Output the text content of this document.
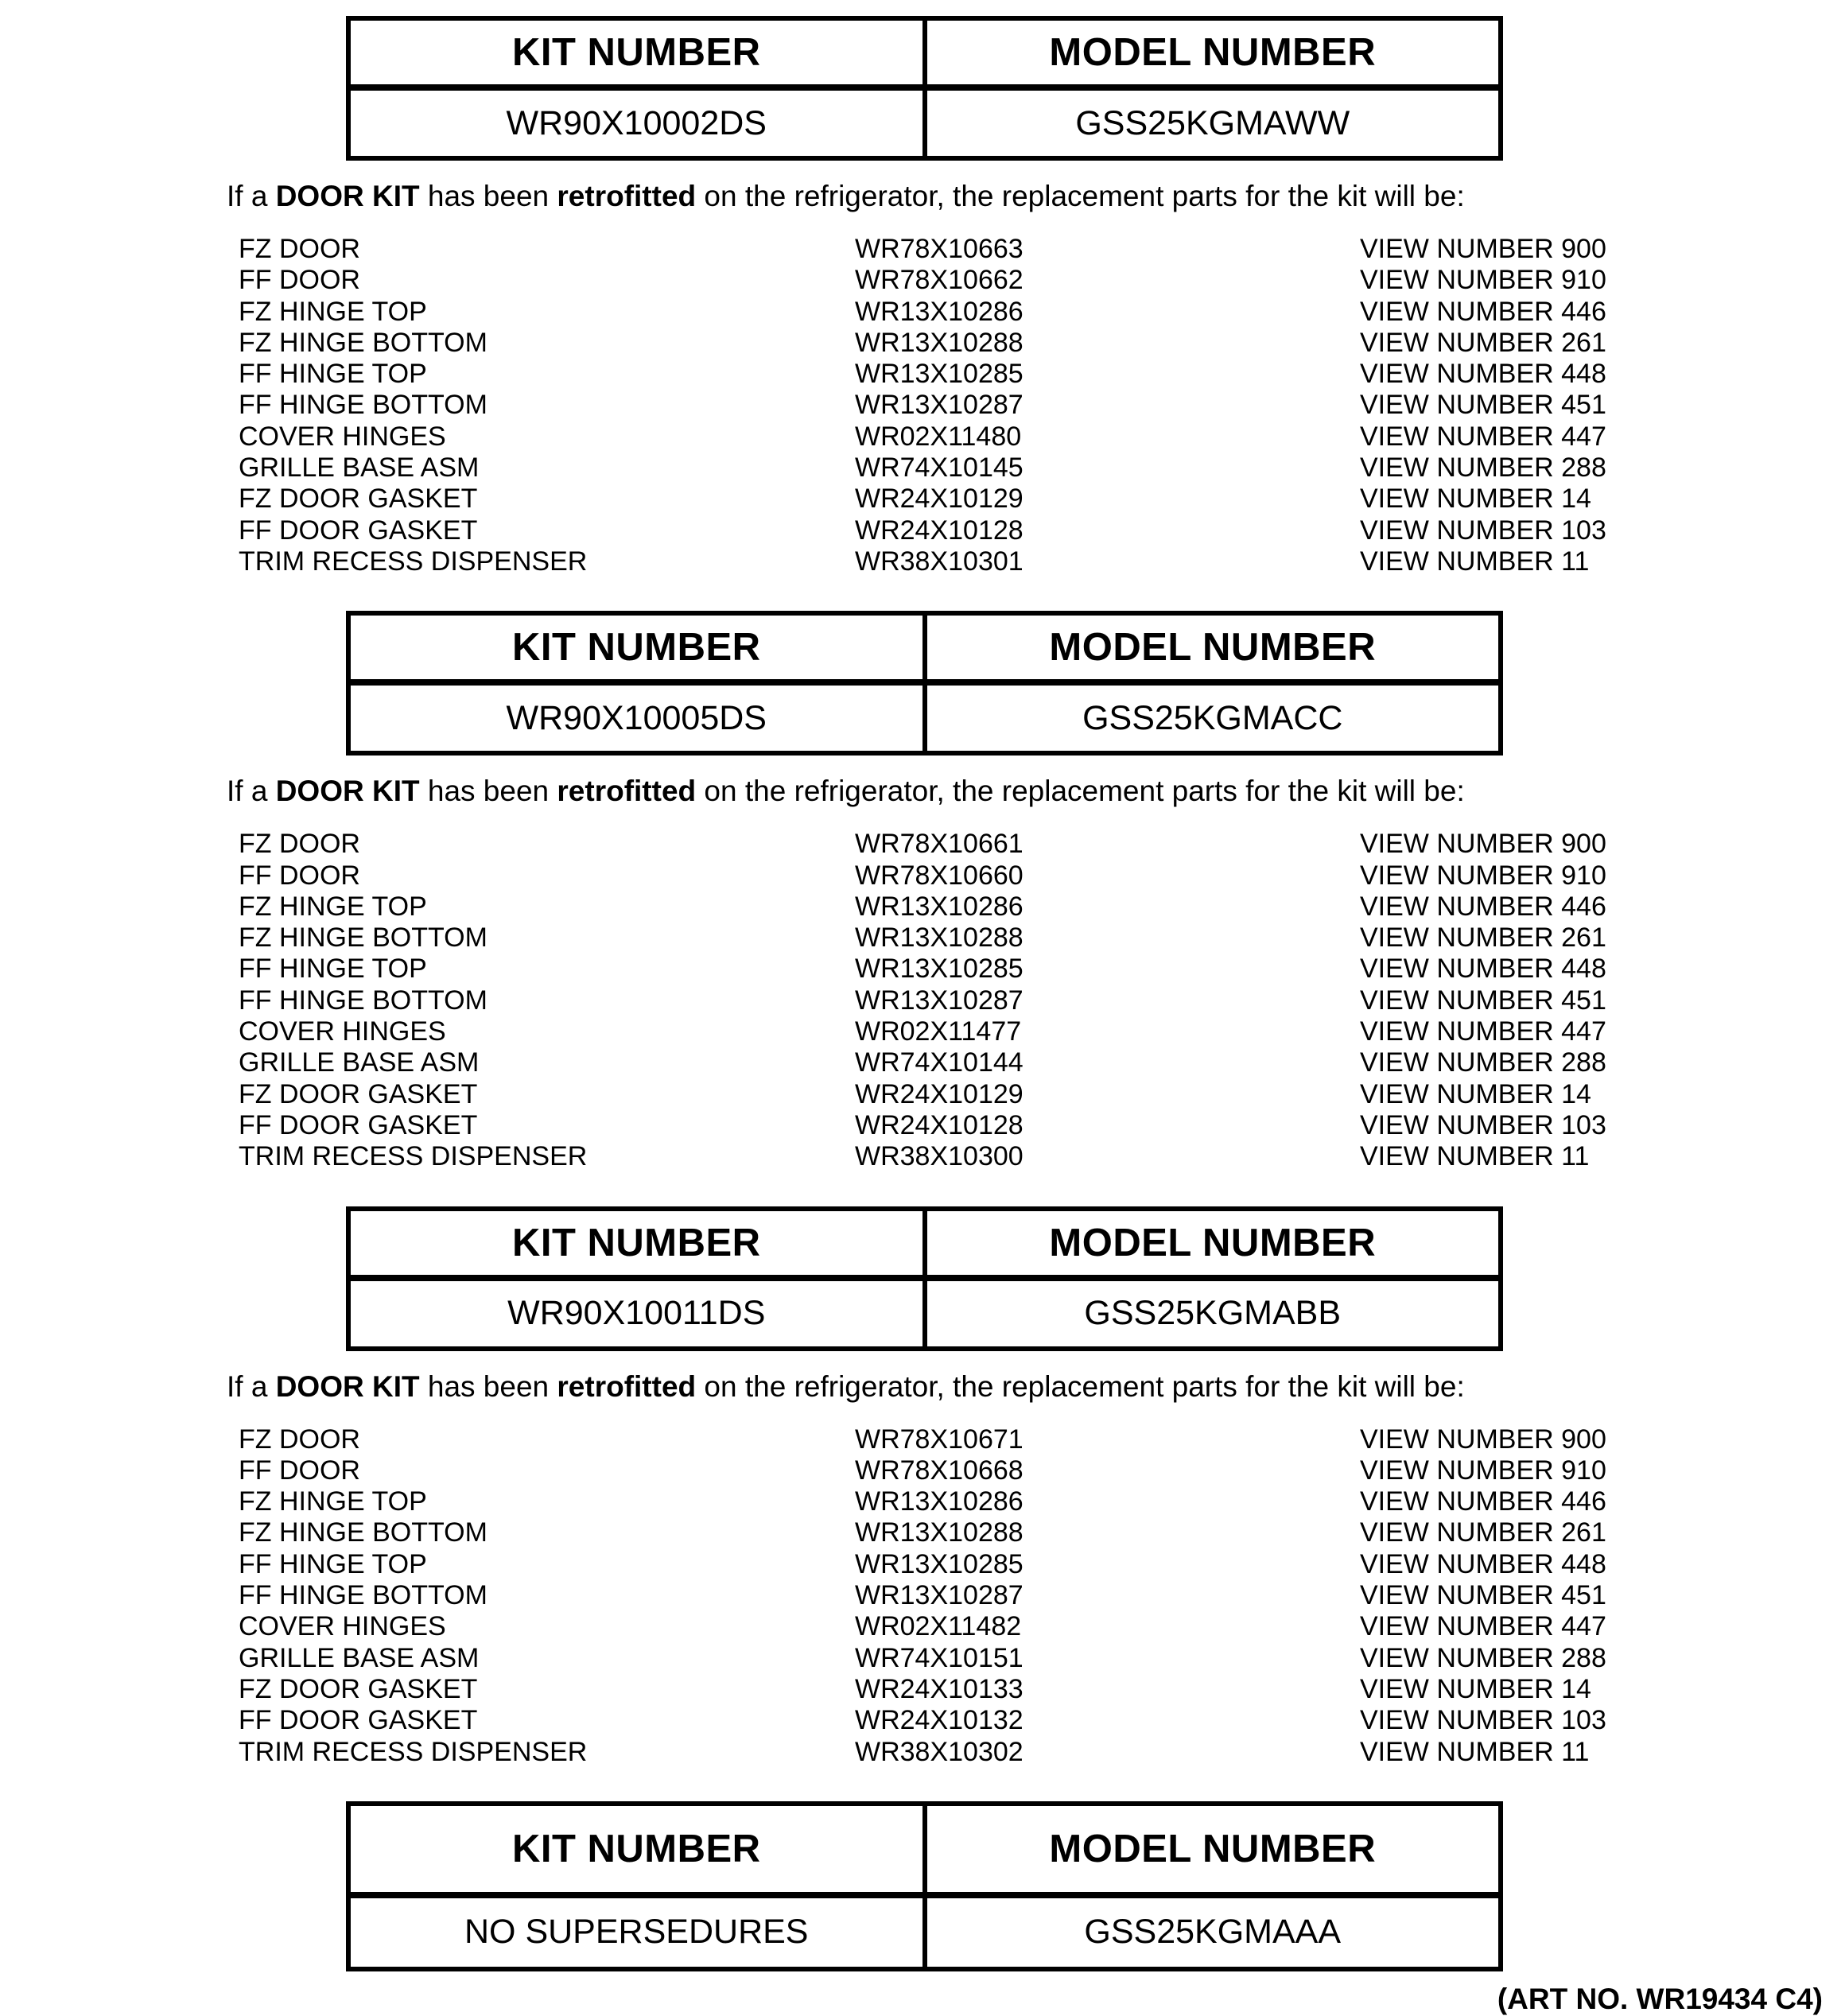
KIT NUMBER	MODEL NUMBER
WR90X10002DS	GSS25KGMAWW

If a DOOR KIT has been retrofitted on the refrigerator, the replacement parts for the kit will be:

FZ DOOR	WR78X10663	VIEW NUMBER 900
FF DOOR	WR78X10662	VIEW NUMBER 910
FZ HINGE TOP	WR13X10286	VIEW NUMBER 446
FZ HINGE BOTTOM	WR13X10288	VIEW NUMBER 261
FF HINGE TOP	WR13X10285	VIEW NUMBER 448
FF HINGE BOTTOM	WR13X10287	VIEW NUMBER 451
COVER HINGES	WR02X11480	VIEW NUMBER 447
GRILLE BASE ASM	WR74X10145	VIEW NUMBER 288
FZ DOOR GASKET	WR24X10129	VIEW NUMBER 14
FF DOOR GASKET	WR24X10128	VIEW NUMBER 103
TRIM RECESS DISPENSER	WR38X10301	VIEW NUMBER 11
KIT NUMBER	MODEL NUMBER
WR90X10005DS	GSS25KGMACC

If a DOOR KIT has been retrofitted on the refrigerator, the replacement parts for the kit will be:

FZ DOOR	WR78X10661	VIEW NUMBER 900
FF DOOR	WR78X10660	VIEW NUMBER 910
FZ HINGE TOP	WR13X10286	VIEW NUMBER 446
FZ HINGE BOTTOM	WR13X10288	VIEW NUMBER 261
FF HINGE TOP	WR13X10285	VIEW NUMBER 448
FF HINGE BOTTOM	WR13X10287	VIEW NUMBER 451
COVER HINGES	WR02X11477	VIEW NUMBER 447
GRILLE BASE ASM	WR74X10144	VIEW NUMBER 288
FZ DOOR GASKET	WR24X10129	VIEW NUMBER 14
FF DOOR GASKET	WR24X10128	VIEW NUMBER 103
TRIM RECESS DISPENSER	WR38X10300	VIEW NUMBER 11
KIT NUMBER	MODEL NUMBER
WR90X10011DS	GSS25KGMABB

If a DOOR KIT has been retrofitted on the refrigerator, the replacement parts for the kit will be:

FZ DOOR	WR78X10671	VIEW NUMBER 900
FF DOOR	WR78X10668	VIEW NUMBER 910
FZ HINGE TOP	WR13X10286	VIEW NUMBER 446
FZ HINGE BOTTOM	WR13X10288	VIEW NUMBER 261
FF HINGE TOP	WR13X10285	VIEW NUMBER 448
FF HINGE BOTTOM	WR13X10287	VIEW NUMBER 451
COVER HINGES	WR02X11482	VIEW NUMBER 447
GRILLE BASE ASM	WR74X10151	VIEW NUMBER 288
FZ DOOR GASKET	WR24X10133	VIEW NUMBER 14
FF DOOR GASKET	WR24X10132	VIEW NUMBER 103
TRIM RECESS DISPENSER	WR38X10302	VIEW NUMBER 11
KIT NUMBER	MODEL NUMBER
NO SUPERSEDURES	GSS25KGMAAA
(ART NO. WR19434 C4)
